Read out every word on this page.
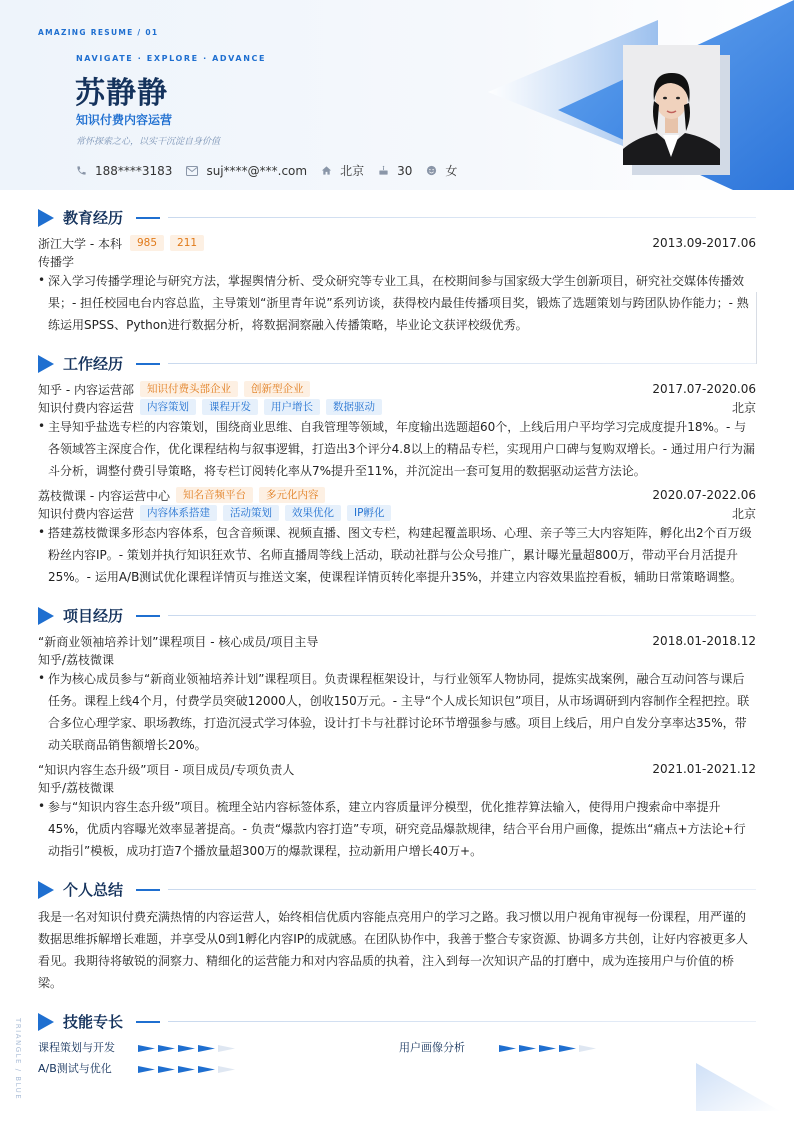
AMAZING RESUME / 01
NAVIGATE · EXPLORE · ADVANCE
苏静静
知识付费内容运营
常怀探索之心，以实干沉淀自身价值
188****3183	suj****@***.com	北京	30	女
教育经历
浙江大学 - 本科	985	211	2013.09-2017.06
传播学
• 深入学习传播学理论与研究方法，掌握舆情分析、受众研究等专业工具，在校期间参与国家级大学生创新项目，研究社交媒体传播效果；- 担任校园电台内容总监，主导策划“浙里青年说”系列访谈，获得校内最佳传播项目奖，锻炼了选题策划与跨团队协作能力；- 熟练运用SPSS、Python进行数据分析，将数据洞察融入传播策略，毕业论文获评校级优秀。
工作经历
知乎 - 内容运营部	知识付费头部企业	创新型企业	2017.07-2020.06
知识付费内容运营	内容策划	课程开发	用户增长	数据驱动	北京
• 主导知乎盐选专栏的内容策划，围绕商业思维、自我管理等领域，年度输出选题超60个，上线后用户平均学习完成度提升18%。- 与各领域答主深度合作，优化课程结构与叙事逻辑，打造出3个评分4.8以上的精品专栏，实现用户口碑与复购双增长。- 通过用户行为漏斗分析，调整付费引导策略，将专栏订阅转化率从7%提升至11%，并沉淀出一套可复用的数据驱动运营方法论。
荔枝微课 - 内容运营中心	知名音频平台	多元化内容	2020.07-2022.06
知识付费内容运营	内容体系搭建	活动策划	效果优化	IP孵化	北京
• 搭建荔枝微课多形态内容体系，包含音频课、视频直播、图文专栏，构建起覆盖职场、心理、亲子等三大内容矩阵，孵化出2个百万级粉丝内容IP。- 策划并执行知识狂欢节、名师直播周等线上活动，联动社群与公众号推广，累计曝光量超800万，带动平台月活提升25%。- 运用A/B测试优化课程详情页与推送文案，使课程详情页转化率提升35%，并建立内容效果监控看板，辅助日常策略调整。
项目经历
“新商业领袖培养计划”课程项目 - 核心成员/项目主导	2018.01-2018.12
知乎/荔枝微课
• 作为核心成员参与“新商业领袖培养计划”课程项目。负责课程框架设计，与行业领军人物协同，提炼实战案例，融合互动问答与课后任务。课程上线4个月，付费学员突破12000人，创收150万元。- 主导“个人成长知识包”项目，从市场调研到内容制作全程把控。联合多位心理学家、职场教练，打造沉浸式学习体验，设计打卡与社群讨论环节增强参与感。项目上线后，用户自发分享率达35%，带动关联商品销售额增长20%。
“知识内容生态升级”项目 - 项目成员/专项负责人	2021.01-2021.12
知乎/荔枝微课
• 参与“知识内容生态升级”项目。梳理全站内容标签体系，建立内容质量评分模型，优化推荐算法输入，使得用户搜索命中率提升45%，优质内容曝光效率显著提高。- 负责“爆款内容打造”专项，研究竞品爆款规律，结合平台用户画像，提炼出“痛点+方法论+行动指引”模板，成功打造7个播放量超300万的爆款课程，拉动新用户增长40万+。
个人总结
我是一名对知识付费充满热情的内容运营人，始终相信优质内容能点亮用户的学习之路。我习惯以用户视角审视每一份课程，用严谨的数据思维拆解增长难题，并享受从0到1孵化内容IP的成就感。在团队协作中，我善于整合专家资源、协调多方共创，让好内容被更多人看见。我期待将敏锐的洞察力、精细化的运营能力和对内容品质的执着，注入到每一次知识产品的打磨中，成为连接用户与价值的桥梁。
技能专长
课程策划与开发	用户画像分析
A/B测试与优化
TRIANGLE / BLUE
